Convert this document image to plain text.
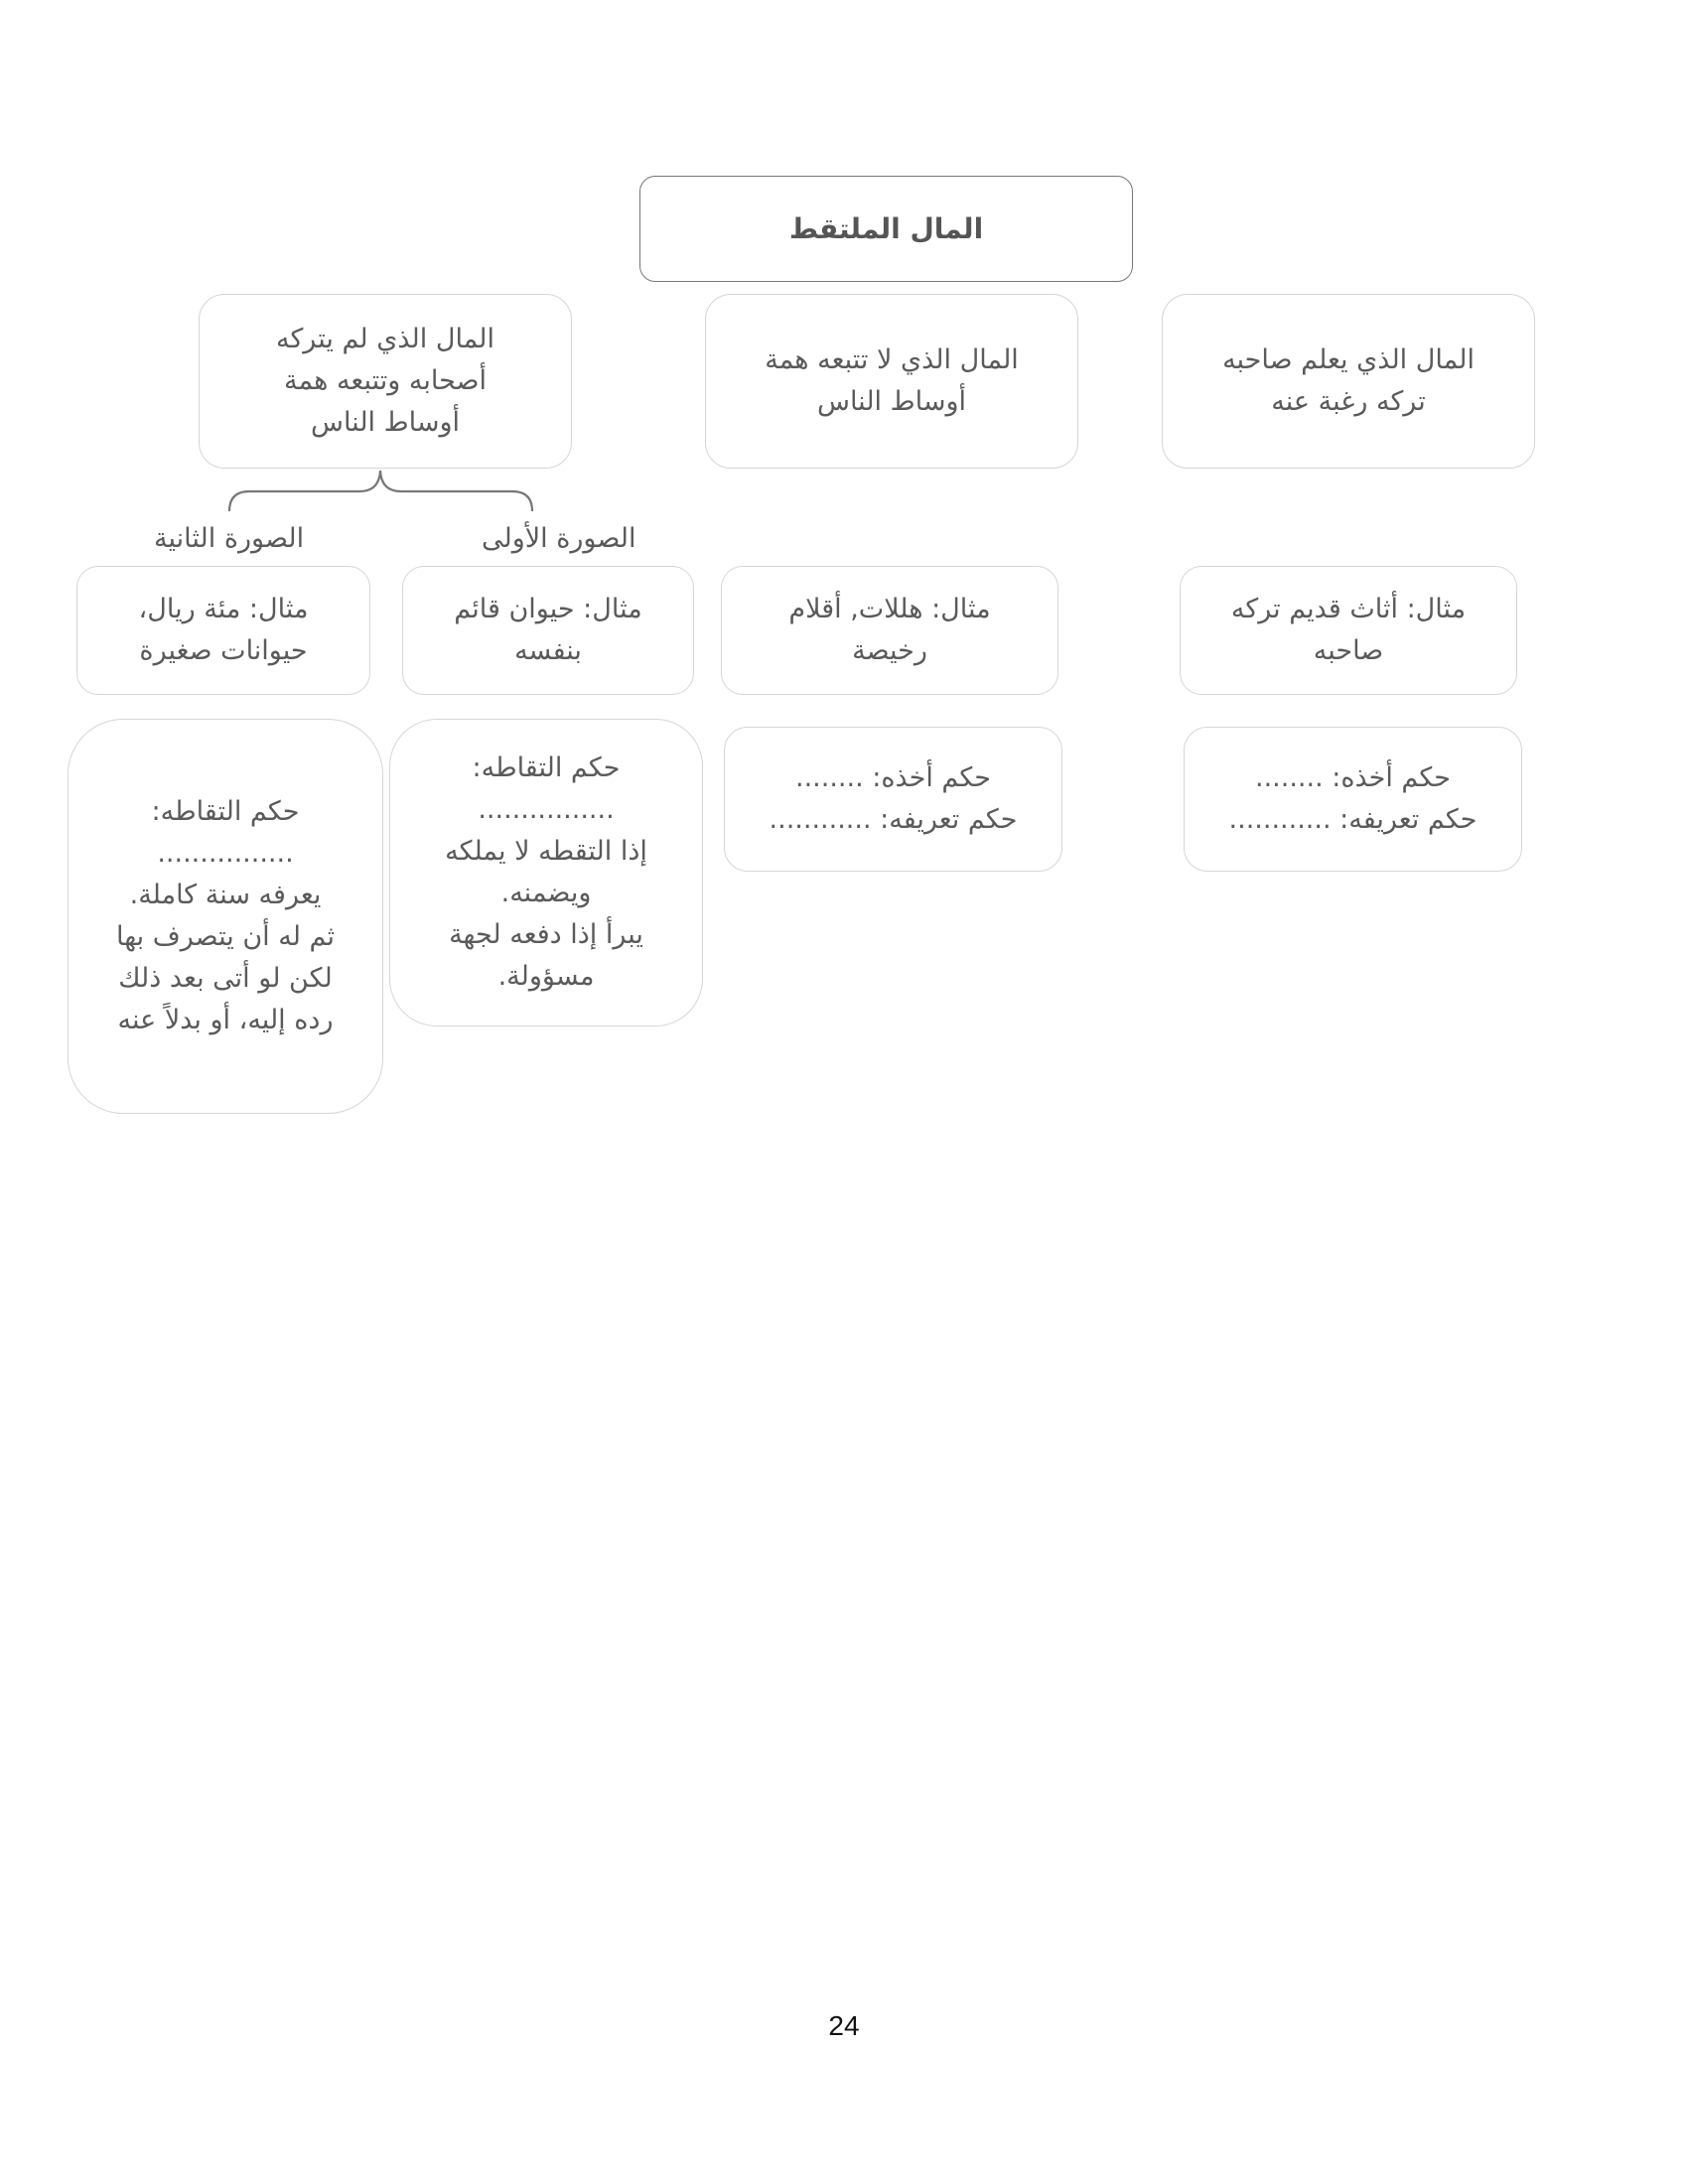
المال الملتقط
المال الذي يعلم صاحبه
تركه رغبة عنه
المال الذي لا تتبعه همة
أوساط الناس
المال الذي لم يتركه
أصحابه وتتبعه همة
أوساط الناس
الصورة الأولى
الصورة الثانية
مثال: أثاث قديم تركه
صاحبه
مثال: هللات, أقلام
رخيصة
مثال: حيوان قائم
بنفسه
مثال: مئة ريال،
حيوانات صغيرة
حكم أخذه: ........
حكم تعريفه: ............
حكم أخذه: ........
حكم تعريفه: ............
حكم التقاطه:
................
إذا التقطه لا يملكه
ويضمنه.
يبرأ إذا دفعه لجهة
مسؤولة.
حكم التقاطه:
................
يعرفه سنة كاملة.
ثم له أن يتصرف بها
لكن لو أتى بعد ذلك
رده إليه، أو بدلاً عنه
24
